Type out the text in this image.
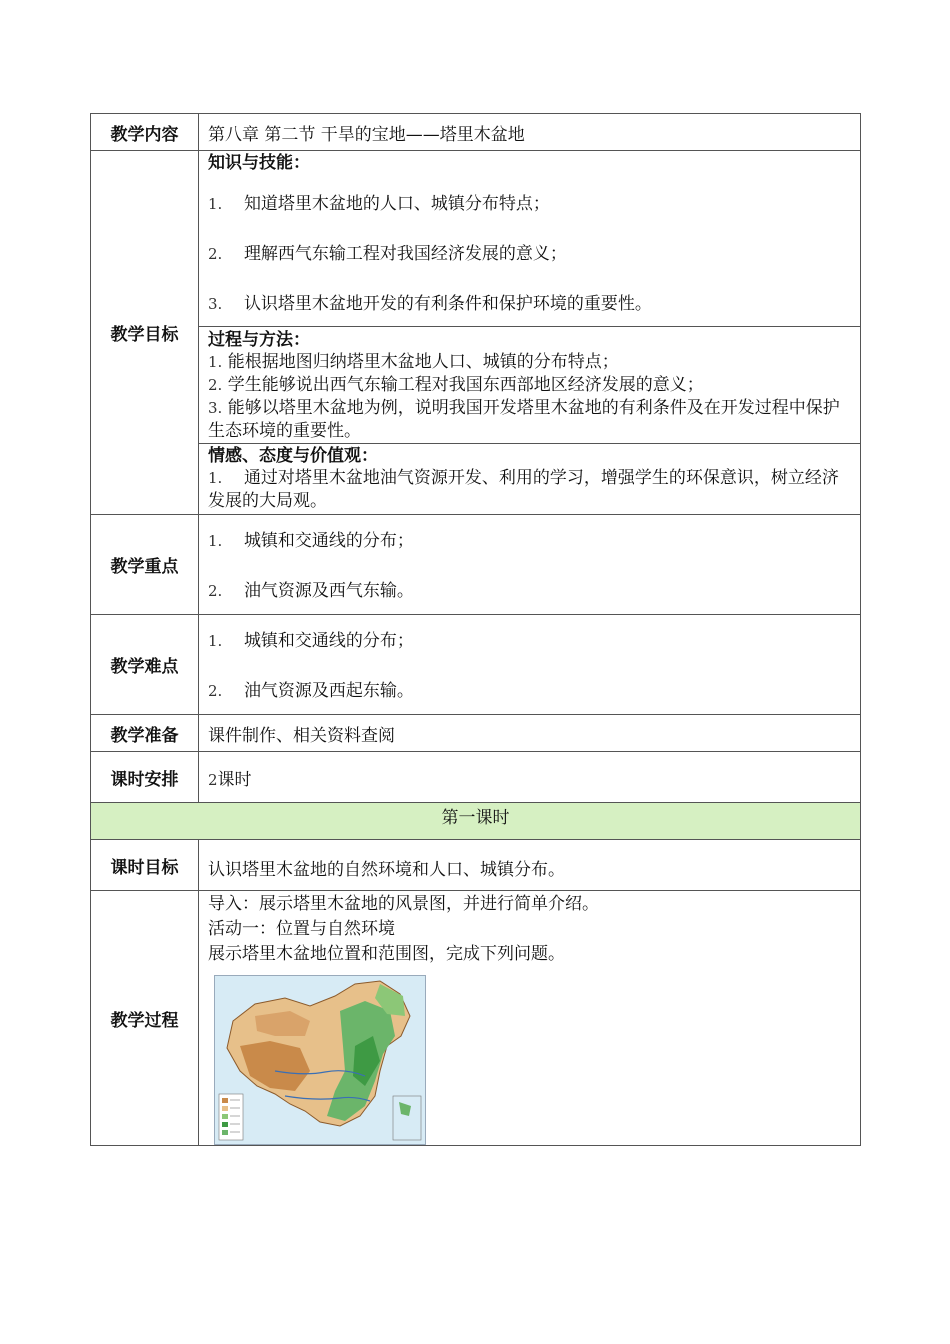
教学内容	第八章 第二节 干旱的宝地——塔里木盆地
教学目标	知识与技能：
1. 知道塔里木盆地的人口、城镇分布特点；
2. 理解西气东输工程对我国经济发展的意义；
3. 认识塔里木盆地开发的有利条件和保护环境的重要性。

	过程与方法：
1. 能根据地图归纳塔里木盆地人口、城镇的分布特点；
2. 学生能够说出西气东输工程对我国东西部地区经济发展的意义；
3. 能够以塔里木盆地为例，说明我国开发塔里木盆地的有利条件及在开发过程中保护生态环境的重要性。

	情感、态度与价值观：
1. 通过对塔里木盆地油气资源开发、利用的学习，增强学生的环保意识，树立经济发展的大局观。

教学重点	1. 城镇和交通线的分布；
2. 油气资源及西气东输。

教学难点	1. 城镇和交通线的分布；
2. 油气资源及西起东输。

教学准备	课件制作、相关资料查阅
课时安排	2课时
第一课时	
课时目标	认识塔里木盆地的自然环境和人口、城镇分布。
教学过程	导入：展示塔里木盆地的风景图，并进行简单介绍。
活动一：位置与自然环境
展示塔里木盆地位置和范围图，完成下列问题。
